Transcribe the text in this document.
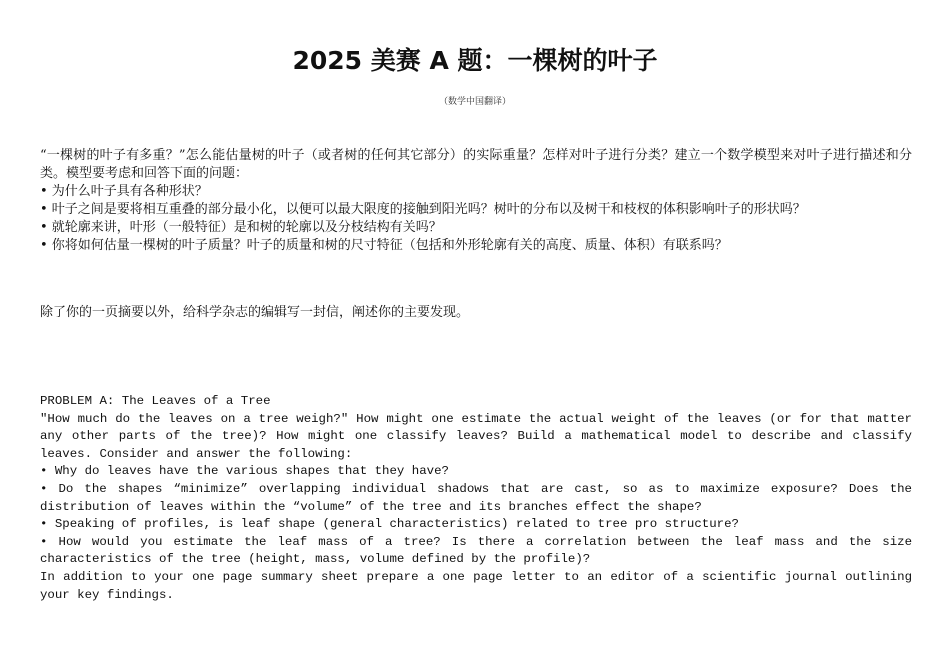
2025 美赛 A 题：一棵树的叶子
（数学中国翻译）

“一棵树的叶子有多重？”怎么能估量树的叶子（或者树的任何其它部分）的实际重量？怎样对叶子进行分类？建立一个数学模型来对叶子进行描述和分类。模型要考虑和回答下面的问题：

• 为什么叶子具有各种形状？

• 叶子之间是要将相互重叠的部分最小化，以便可以最大限度的接触到阳光吗？树叶的分布以及树干和枝杈的体积影响叶子的形状吗？

• 就轮廓来讲，叶形（一般特征）是和树的轮廓以及分枝结构有关吗？

• 你将如何估量一棵树的叶子质量？叶子的质量和树的尺寸特征（包括和外形轮廓有关的高度、质量、体积）有联系吗？

除了你的一页摘要以外，给科学杂志的编辑写一封信，阐述你的主要发现。

PROBLEM A: The Leaves of a Tree

"How much do the leaves on a tree weigh?" How might one estimate the actual weight of the leaves (or for that matter any other parts of the tree)? How might one classify leaves? Build a mathematical model to describe and classify leaves. Consider and answer the following:

• Why do leaves have the various shapes that they have?

• Do the shapes “minimize” overlapping individual shadows that are cast, so as to maximize exposure? Does the distribution of leaves within the “volume” of the tree and its branches effect the shape?

• Speaking of profiles, is leaf shape (general characteristics) related to tree pro structure?

• How would you estimate the leaf mass of a tree? Is there a correlation between the leaf mass and the size characteristics of the tree (height, mass, volume defined by the profile)?

In addition to your one page summary sheet prepare a one page letter to an editor of a scientific journal outlining your key findings.
